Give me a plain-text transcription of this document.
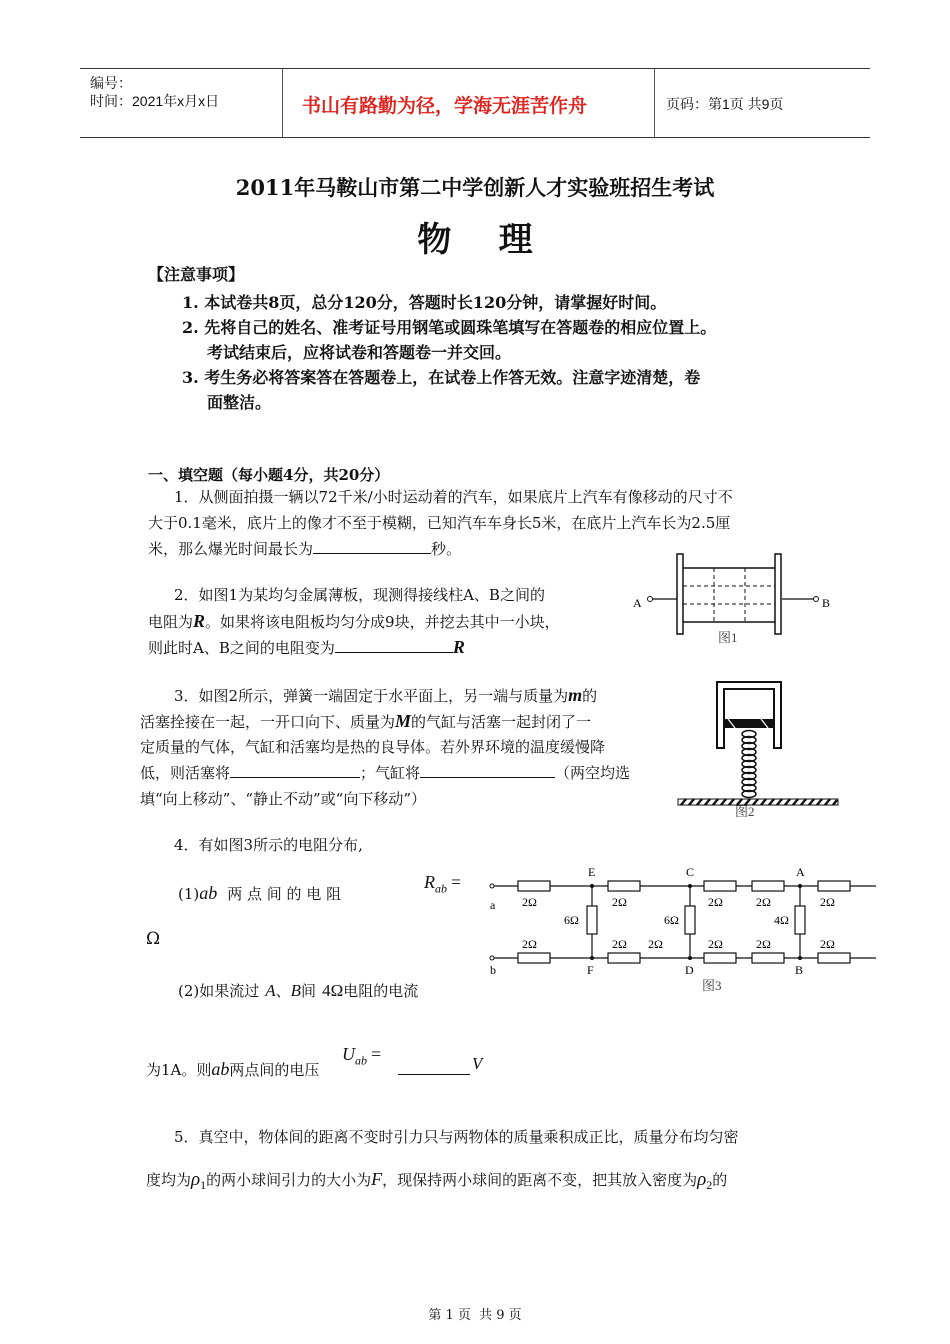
编号：
时间：2021年x月x日	书山有路勤为径，学海无涯苦作舟	页码：第1页 共9页
2011年马鞍山市第二中学创新人才实验班招生考试
物    理
【注意事项】
1. 本试卷共8页，总分120分，答题时长120分钟，请掌握好时间。
2. 先将自己的姓名、准考证号用钢笔或圆珠笔填写在答题卷的相应位置上。
考试结束后，应将试卷和答题卷一并交回。
3. 考生务必将答案答在答题卷上，在试卷上作答无效。注意字迹清楚，卷
面整洁。
一、填空题（每小题4分，共20分）
1．从侧面拍摄一辆以72千米/小时运动着的汽车，如果底片上汽车有像移动的尺寸不
大于0.1毫米，底片上的像才不至于模糊，已知汽车车身长5米，在底片上汽车长为2.5厘
米，那么爆光时间最长为	秒。
2．如图1为某均匀金属薄板，现测得接线柱A、B之间的
电阻为R。如果将该电阻板均匀分成9块，并挖去其中一小块，
则此时A、B之间的电阻变为	R
A	B
图1
3．如图2所示，弹簧一端固定于水平面上，另一端与质量为m的
活塞拴接在一起，一开口向下、质量为M的气缸与活塞一起封闭了一
定质量的气体，气缸和活塞均是热的良导体。若外界环境的温度缓慢降
低，则活塞将	；气缸将	（两空均选
填“向上移动”、“静止不动”或“向下移动”）
图2
4．有如图3所示的电阻分布,
(1)ab 两 点 间 的 电 阻
$R_{ab}$ =
Ω
(2)如果流过 A、B间 4Ω电阻的电流
为1A。则ab两点间的电压
$U_{ab}$ =	V
E	C	A
F	D	B
a
b
2Ω	2Ω	2Ω	2Ω	2Ω
2Ω	2Ω 2Ω	2Ω	2Ω	2Ω
6Ω	6Ω	4Ω
图3
5．真空中，物体间的距离不变时引力只与两物体的质量乘积成正比，质量分布均匀密
度均为$\rho_1$的两小球间引力的大小为F，现保持两小球间的距离不变，把其放入密度为$\rho_2$的
第 1 页  共 9 页
